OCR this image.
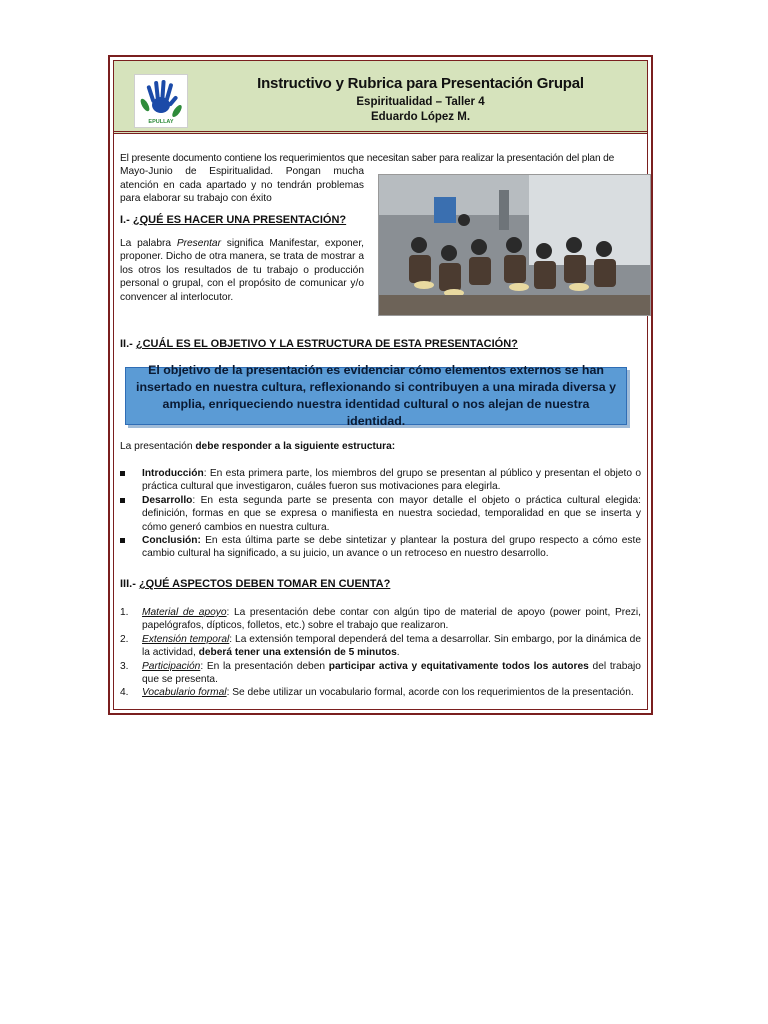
EPULLAY
Instructivo y Rubrica para Presentación Grupal
Espiritualidad – Taller 4
Eduardo López M.

El presente documento contiene los requerimientos que necesitan saber para realizar la presentación del plan de

Mayo-Junio de Espiritualidad. Pongan mucha atención en cada apartado y no tendrán problemas para elaborar su trabajo con éxito

I.- ¿QUÉ ES HACER UNA PRESENTACIÓN?

La palabra Presentar significa Manifestar, exponer, proponer. Dicho de otra manera, se trata de mostrar a los otros los resultados de tu trabajo o producción personal o grupal, con el propósito de comunicar y/o convencer al interlocutor.

II.- ¿CUÁL ES EL OBJETIVO Y LA ESTRUCTURA DE ESTA PRESENTACIÓN?

El objetivo de la presentación es evidenciar cómo elementos externos se han insertado en nuestra cultura, reflexionando si contribuyen a una mirada diversa y amplia, enriqueciendo nuestra identidad cultural o nos alejan de nuestra identidad.

La presentación debe responder a la siguiente estructura:

Introducción: En esta primera parte, los miembros del grupo se presentan al público y presentan el objeto o práctica cultural que investigaron, cuáles fueron sus motivaciones para elegirla.
Desarrollo: En esta segunda parte se presenta con mayor detalle el objeto o práctica cultural elegida: definición, formas en que se expresa o manifiesta en nuestra sociedad, temporalidad en que se inserta y cómo generó cambios en nuestra cultura.
Conclusión: En esta última parte se debe sintetizar y plantear la postura del grupo respecto a cómo este cambio cultural ha significado, a su juicio, un avance o un retroceso en nuestro desarrollo.

III.- ¿QUÉ ASPECTOS DEBEN TOMAR EN CUENTA?

1. Material de apoyo: La presentación debe contar con algún tipo de material de apoyo (power point, Prezi, papelógrafos, dípticos, folletos, etc.) sobre el trabajo que realizaron.
2. Extensión temporal: La extensión temporal dependerá del tema a desarrollar. Sin embargo, por la dinámica de la actividad, deberá tener una extensión de 5 minutos.
3. Participación: En la presentación deben participar activa y equitativamente todos los autores del trabajo que se presenta.
4. Vocabulario formal: Se debe utilizar un vocabulario formal, acorde con los requerimientos de la presentación.
